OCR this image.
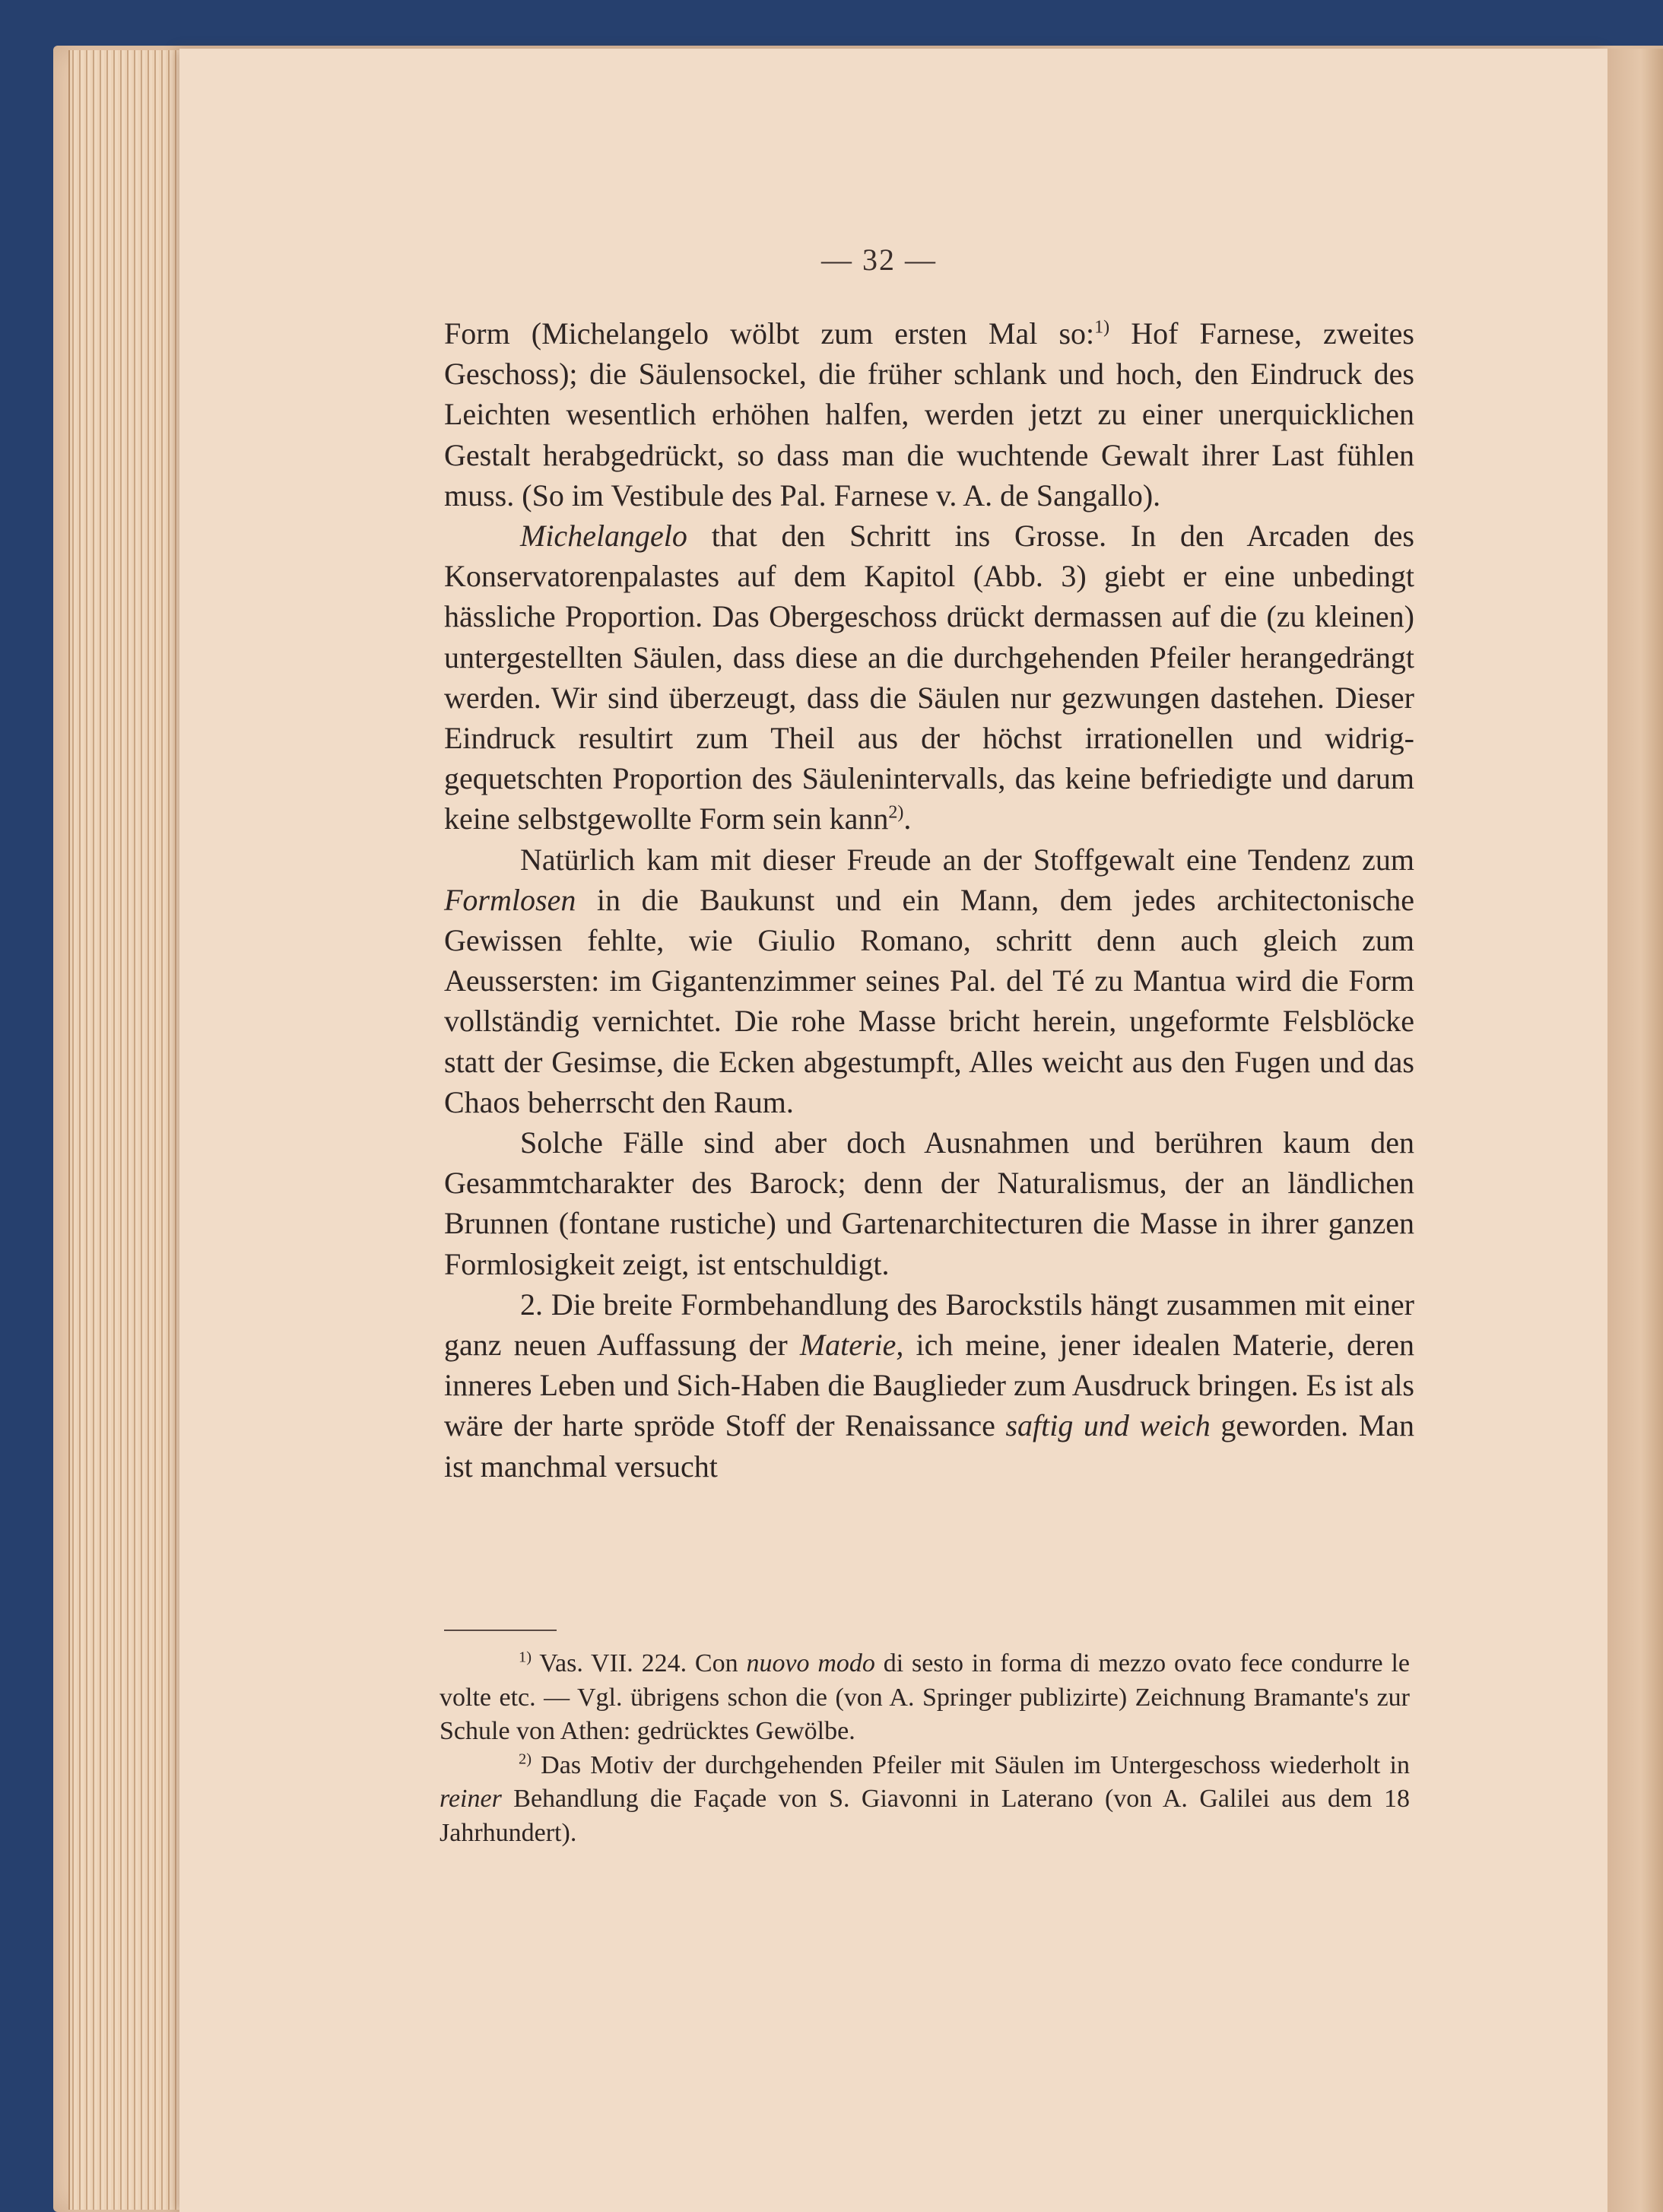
— 32 —

Form (Michelangelo wölbt zum ersten Mal so:$^{1)}$ Hof Farnese, zweites Geschoss); die Säulensockel, die früher schlank und hoch, den Eindruck des Leichten wesentlich erhöhen halfen, werden jetzt zu einer unerquicklichen Gestalt herabgedrückt, so dass man die wuchtende Gewalt ihrer Last fühlen muss. (So im Vestibule des Pal. Farnese v. A. de Sangallo).

Michelangelo that den Schritt ins Grosse. In den Arcaden des Konservatorenpalastes auf dem Kapitol (Abb. 3) giebt er eine unbedingt hässliche Proportion. Das Obergeschoss drückt dermassen auf die (zu kleinen) untergestellten Säulen, dass diese an die durchgehenden Pfeiler herangedrängt werden. Wir sind überzeugt, dass die Säulen nur gezwungen dastehen. Dieser Eindruck resultirt zum Theil aus der höchst irrationellen und widrig-gequetschten Proportion des Säulenintervalls, das keine befriedigte und darum keine selbstgewollte Form sein kann$^{2)}$.

Natürlich kam mit dieser Freude an der Stoffgewalt eine Tendenz zum Formlosen in die Baukunst und ein Mann, dem jedes architectonische Gewissen fehlte, wie Giulio Romano, schritt denn auch gleich zum Aeussersten: im Gigantenzimmer seines Pal. del Té zu Mantua wird die Form vollständig vernichtet. Die rohe Masse bricht herein, ungeformte Felsblöcke statt der Gesimse, die Ecken abgestumpft, Alles weicht aus den Fugen und das Chaos beherrscht den Raum.

Solche Fälle sind aber doch Ausnahmen und berühren kaum den Gesammtcharakter des Barock; denn der Naturalismus, der an ländlichen Brunnen (fontane rustiche) und Gartenarchitecturen die Masse in ihrer ganzen Formlosigkeit zeigt, ist entschuldigt.

2. Die breite Formbehandlung des Barockstils hängt zusammen mit einer ganz neuen Auffassung der Materie, ich meine, jener idealen Materie, deren inneres Leben und Sich-Haben die Bauglieder zum Ausdruck bringen. Es ist als wäre der harte spröde Stoff der Renaissance saftig und weich geworden. Man ist manchmal versucht

$^{1)}$ Vas. VII. 224. Con nuovo modo di sesto in forma di mezzo ovato fece condurre le volte etc. — Vgl. übrigens schon die (von A. Springer publizirte) Zeichnung Bramante's zur Schule von Athen: gedrücktes Gewölbe.

$^{2)}$ Das Motiv der durchgehenden Pfeiler mit Säulen im Untergeschoss wiederholt in reiner Behandlung die Façade von S. Giavonni in Laterano (von A. Galilei aus dem 18 Jahrhundert).
